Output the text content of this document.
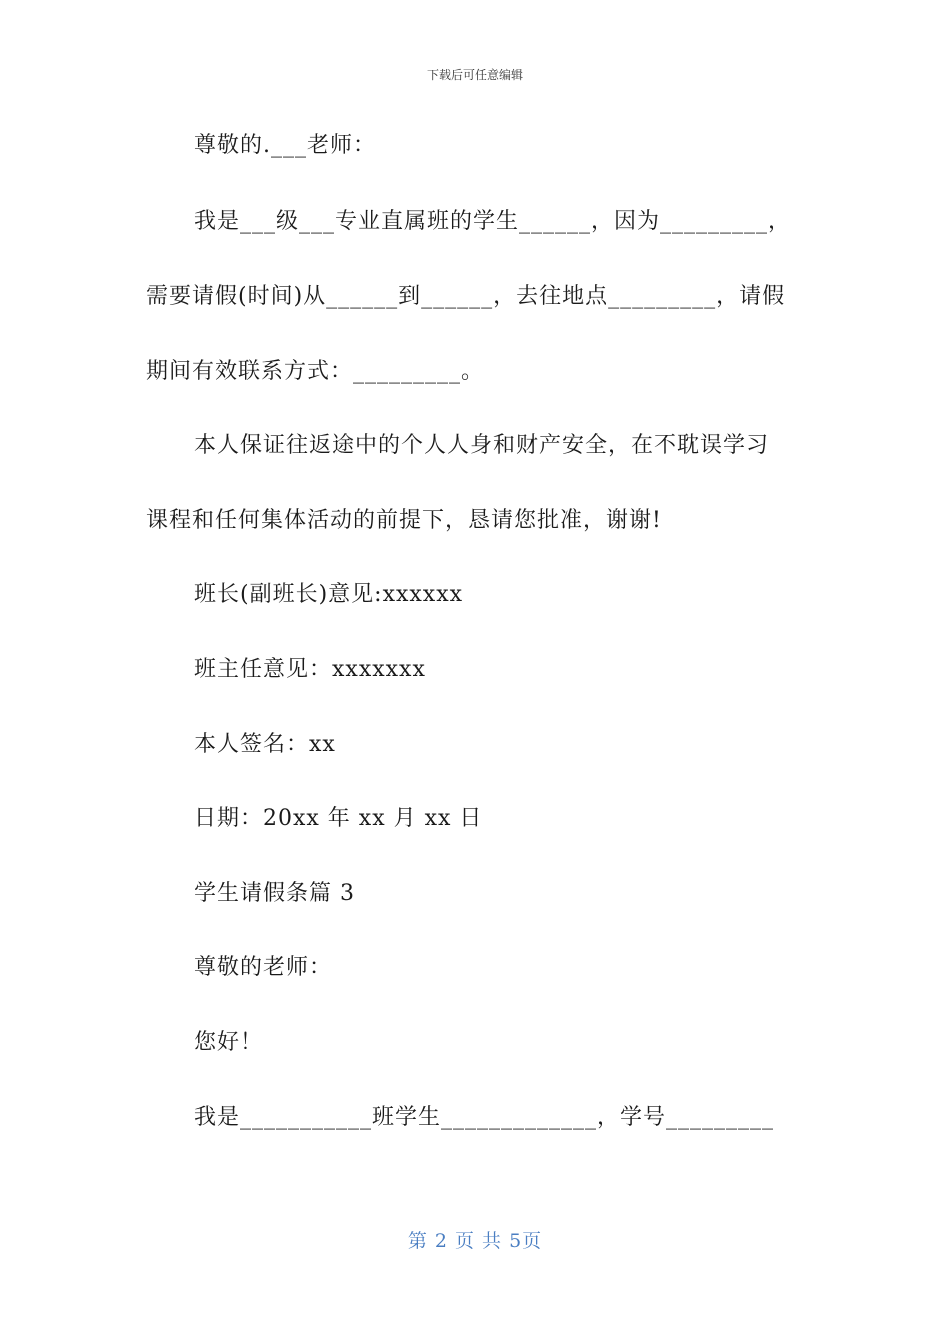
下载后可任意编辑
尊敬的.___老师：
我是___级___专业直属班的学生______，因为_________，
需要请假(时间)从______到______，去往地点_________，请假
期间有效联系方式：_________。
本人保证往返途中的个人人身和财产安全，在不耽误学习
课程和任何集体活动的前提下，恳请您批准，谢谢!
班长(副班长)意见:xxxxxx
班主任意见：xxxxxxx
本人签名：xx
日期：20xx 年 xx 月 xx 日
学生请假条篇 3
尊敬的老师：
您好！
我是___________班学生_____________，学号_________
第 2 页 共 5页
